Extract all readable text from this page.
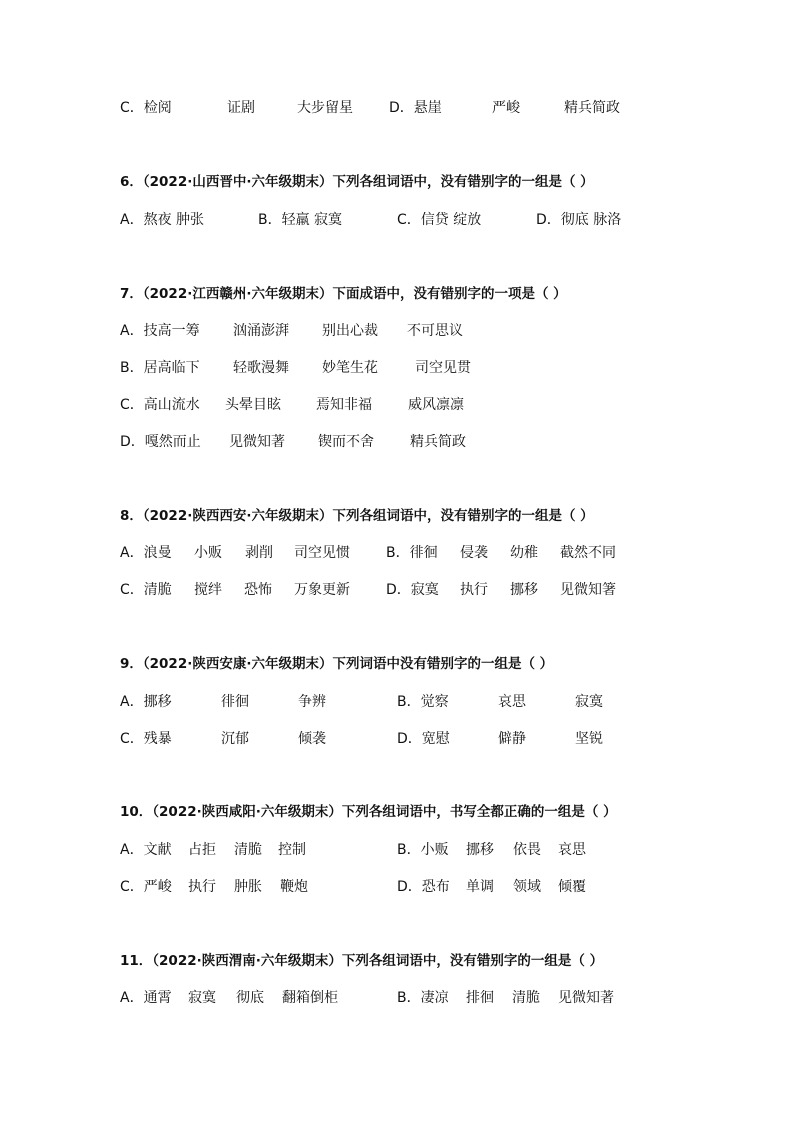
C．检阅	证剧	大步留星	D．悬崖	严峻	精兵简政
6．（2022·山西晋中·六年级期末）下列各组词语中，没有错别字的一组是（ ）
A．熬夜 肿张	B．轻羸 寂寞	C．信贷 绽放	D．彻底 脉洛
7．（2022·江西赣州·六年级期末）下面成语中，没有错别字的一项是（ ）
A．技高一筹 汹涌澎湃 别出心裁 不可思议
B．居高临下 轻歌漫舞 妙笔生花	司空见贯
C．高山流水 头晕目眩	焉知非福	威风凛凛
D．嘎然而止 见微知著 锲而不舍	精兵简政
8．（2022·陕西西安·六年级期末）下列各组词语中，没有错别字的一组是（ ）
A．浪曼 小贩 剥削 司空见惯	B．徘徊 侵袭 幼稚 截然不同
C．清脆 搅绊 恐怖 万象更新	D．寂寞 执行 挪移 见微知箸
9．（2022·陕西安康·六年级期末）下列词语中没有错别字的一组是（ ）
A．挪移	徘徊	争辨	B．觉察	哀思	寂寞
C．残暴	沉郁	倾袭	D．宽慰	僻静	坚锐
10．（2022·陕西咸阳·六年级期末）下列各组词语中，书写全都正确的一组是（ ）
A．文献 占拒 清脆 控制	B．小贩 挪移 依畏 哀思
C．严峻 执行 肿胀 鞭炮	D．恐布 单调 领域 倾覆
11．（2022·陕西渭南·六年级期末）下列各组词语中，没有错别字的一组是（ ）
A．通霄 寂寞 彻底 翻箱倒柜	B．凄凉 排徊 清脆 见微知著
